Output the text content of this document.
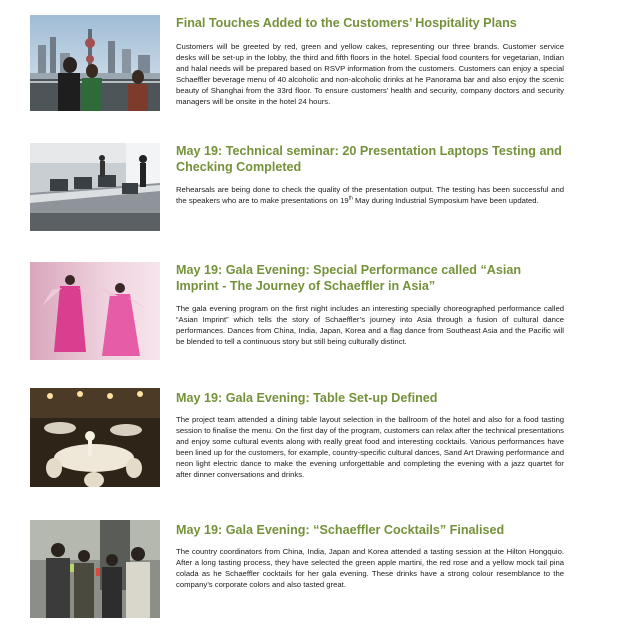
Final Touches Added to the Customers’ Hospitality Plans

Customers will be greeted by red, green and yellow cakes, representing our three brands. Customer service desks will be set-up in the lobby, the third and fifth floors in the hotel. Special food counters for vegetarian, Indian and halal needs will be prepared based on RSVP information from the customers. Customers can enjoy a special Schaeffler beverage menu of 40 alcoholic and non-alcoholic drinks at he Panorama bar and also enjoy the scenic beauty of Shanghai from the 33rd floor. To ensure customers’ health and security, company doctors and security managers will be onsite in the hotel 24 hours.

May 19: Technical seminar: 20 Presentation Laptops Testing and Checking Completed

Rehearsals are being done to check the quality of the presentation output. The testing has been successful and the speakers who are to make presentations on 19th May during Industrial Symposium have been updated.

May 19: Gala Evening: Special Performance called “Asian Imprint - The Journey of Schaeffler in Asia”

The gala evening program on the first night includes an interesting specially choreographed performance called “Asian Imprint” which tells the story of Schaeffler’s journey into Asia through a fusion of cultural dance performances. Dances from China, India, Japan, Korea and a flag dance from Southeast Asia and the Pacific will be blended to tell a continuous story but still being culturally distinct.

May 19: Gala Evening: Table Set-up Defined

The project team attended a dining table layout selection in the ballroom of the hotel and also for a food tasting session to finalise the menu. On the first day of the program, customers can relax after the technical presentations and enjoy some cultural events along with really great food and interesting cocktails. Various performances have been lined up for the customers, for example, country-specific cultural dances, Sand Art Drawing performance and neon light electric dance to make the evening unforgettable and completing the evening with a jazz quartet for after dinner conversations and drinks.

May 19: Gala Evening: “Schaeffler Cocktails” Finalised

The country coordinators from China, India, Japan and Korea attended a tasting session at the Hilton Hongquio. After a long tasting process, they have selected the green apple martini, the red rose and a yellow mock tail pina colada as he Schaeffler cocktails for her gala evening. These drinks have a strong colour resemblance to the company’s corporate colors and also tasted great.
